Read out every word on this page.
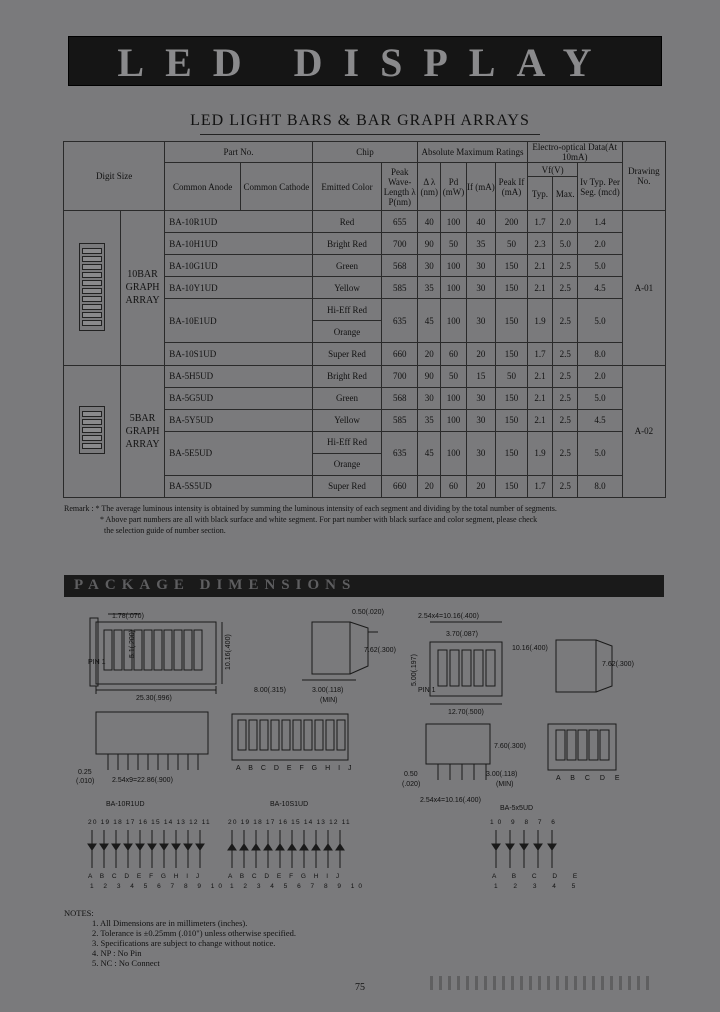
LED DISPLAY
LED LIGHT BARS & BAR GRAPH ARRAYS
Digit Size		Part No.		Chip		Absolute Maximum Ratings				Electro-optical Data(At 10mA)			Drawing No.
		Common Anode	Common Cathode	Emitted Color	Peak Wave-Length λ P(nm)	Δ λ (nm)	Pd (mW)	If (mA)	Peak If (mA)	Vf(V)		Iv Typ. Per Seg. (mcd)	
										Typ.	Max.		

	10BAR GRAPH ARRAY	BA-10R1UD		Red	655	40	100	40	200	1.7	2.0	1.4	A-01
		BA-10H1UD		Bright Red	700	90	50	35	50	2.3	5.0	2.0	
		BA-10G1UD		Green	568	30	100	30	150	2.1	2.5	5.0	
		BA-10Y1UD		Yellow	585	35	100	30	150	2.1	2.5	4.5	
		BA-10E1UD		Hi-Eff Red	635	45	100	30	150	1.9	2.5	5.0	
				Orange									
		BA-10S1UD		Super Red	660	20	60	20	150	1.7	2.5	8.0	

	5BAR GRAPH ARRAY	BA-5H5UD		Bright Red	700	90	50	15	50	2.1	2.5	2.0	A-02
		BA-5G5UD		Green	568	30	100	30	150	2.1	2.5	5.0	
		BA-5Y5UD		Yellow	585	35	100	30	150	2.1	2.5	4.5	
		BA-5E5UD		Hi-Eff Red	635	45	100	30	150	1.9	2.5	5.0	
				Orange									
		BA-5S5UD		Super Red	660	20	60	20	150	1.7	2.5	8.0	
Remark : * The average luminous intensity is obtained by summing the luminous intensity of each segment and dividing by the total number of segments.
* Above part numbers are all with black surface and white segment. For part number with black surface and color segment, please check
the selection guide of number section.
PACKAGE DIMENSIONS
1.78(.070)
25.30(.996)
5.1(.200)	10.16(.400)
PIN 1
0.50(.020)
7.62(.300)
8.00(.315)	3.00(.118)
(MIN)
0.25
(.010)	2.54x9=22.86(.900)
A B C D E F G H I J
BA-10R1UD	BA-10S1UD
20 19 18 17 16 15 14 13 12 11	20 19 18 17 16 15 14 13 12 11
A B C D E F G H I J
1 2 3 4 5 6 7 8 9 10
A B C D E F G H I J
1 2 3 4 5 6 7 8 9 10
2.54x4=10.16(.400)
3.70(.087)
5.00(.197)
10.16(.400)
PIN 1
12.70(.500)
7.62(.300)
7.60(.300)
0.50
(.020)
3.00(.118)
(MIN)
2.54x4=10.16(.400)
A B C D E
BA-5x5UD
10 9 8 7 6
A B C D E
1 2 3 4 5
NOTES:
1. All Dimensions are in millimeters (inches).
2. Tolerance is ±0.25mm (.010") unless otherwise specified.
3. Specifications are subject to change without notice.
4. NP : No Pin
5. NC : No Connect
75
